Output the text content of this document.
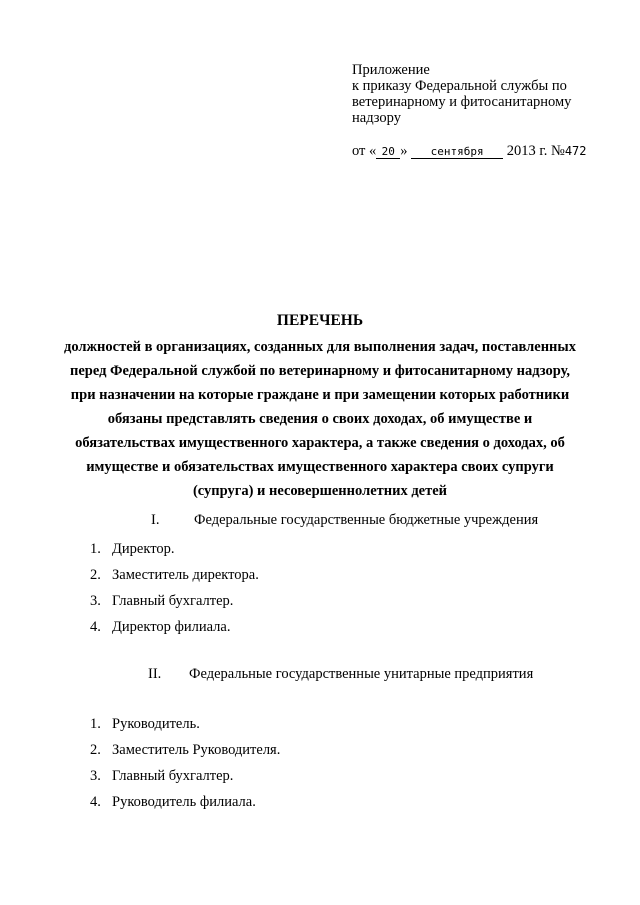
Приложение
к приказу Федеральной службы по
ветеринарному и фитосанитарному
надзору
от « 20 » сентября 2013 г. №472
ПЕРЕЧЕНЬ
должностей в организациях, созданных для выполнения задач, поставленных
перед Федеральной службой по ветеринарному и фитосанитарному надзору,
при назначении на которые граждане и при замещении которых работники
обязаны представлять сведения о своих доходах, об имуществе и
обязательствах имущественного характера, а также сведения о доходах, об
имуществе и обязательствах имущественного характера своих супруги
(супруга) и несовершеннолетних детей
I. Федеральные государственные бюджетные учреждения
1. Директор.
2. Заместитель директора.
3. Главный бухгалтер.
4. Директор филиала.
II. Федеральные государственные унитарные предприятия
1. Руководитель.
2. Заместитель Руководителя.
3. Главный бухгалтер.
4. Руководитель филиала.
